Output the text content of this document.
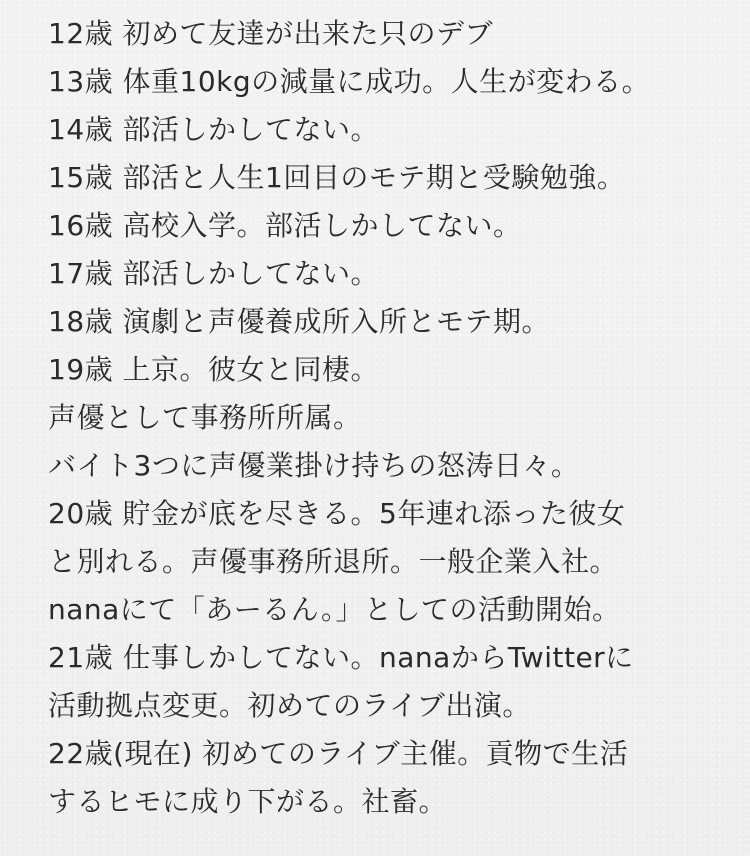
12歳 初めて友達が出来た只のデブ
13歳 体重10kgの減量に成功。人生が変わる。
14歳 部活しかしてない。
15歳 部活と人生1回目のモテ期と受験勉強。
16歳 高校入学。部活しかしてない。
17歳 部活しかしてない。
18歳 演劇と声優養成所入所とモテ期。
19歳 上京。彼女と同棲。
声優として事務所所属。
バイト3つに声優業掛け持ちの怒涛日々。
20歳 貯金が底を尽きる。5年連れ添った彼女
と別れる。声優事務所退所。一般企業入社。
nanaにて「あーるん。」としての活動開始。
21歳 仕事しかしてない。nanaからTwitterに
活動拠点変更。初めてのライブ出演。
22歳(現在) 初めてのライブ主催。貢物で生活
するヒモに成り下がる。社畜。
